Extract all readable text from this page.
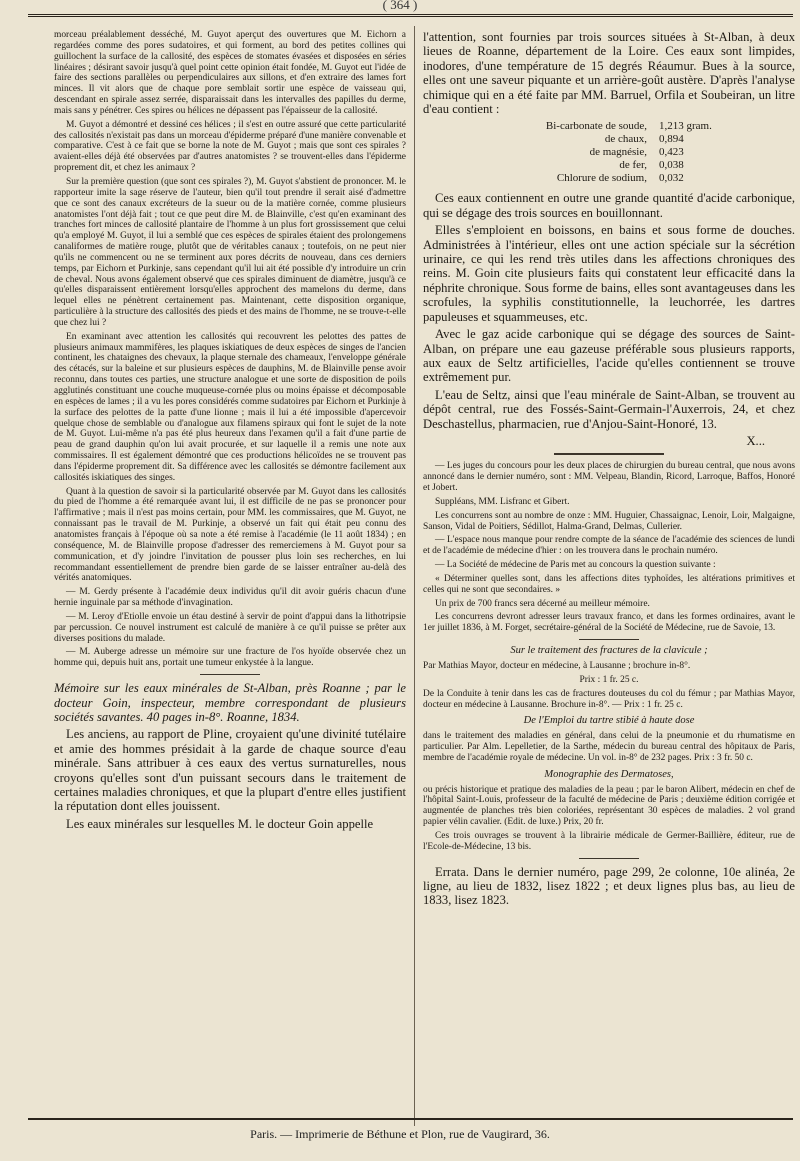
( 364 )

morceau préalablement desséché, M. Guyot aperçut des ouvertures que M. Eichorn a regardées comme des pores sudatoires, et qui forment, au bord des petites collines qui guillochent la surface de la callosité, des espèces de stomates évasées et disposées en séries linéaires ; désirant savoir jusqu'à quel point cette opinion était fondée, M. Guyot eut l'idée de faire des sections parallèles ou perpendiculaires aux sillons, et d'en extraire des lames fort minces. Il vit alors que de chaque pore semblait sortir une espèce de vaisseau qui, descendant en spirale assez serrée, disparaissait dans les intervalles des papilles du derme, mais sans y pénétrer. Ces spires ou hélices ne dépassent pas l'épaisseur de la callosité.

M. Guyot a démontré et dessiné ces hélices ; il s'est en outre assuré que cette particularité des callosités n'existait pas dans un morceau d'épiderme préparé d'une manière convenable et comparative. C'est à ce fait que se borne la note de M. Guyot ; mais que sont ces spirales ? avaient-elles déjà été observées par d'autres anatomistes ? se trouvent-elles dans l'épiderme proprement dit, et chez les animaux ?

Sur la première question (que sont ces spirales ?), M. Guyot s'abstient de prononcer. M. le rapporteur imite la sage réserve de l'auteur, bien qu'il tout prendre il serait aisé d'admettre que ce sont des canaux excréteurs de la sueur ou de la matière cornée, comme plusieurs anatomistes l'ont déjà fait ; tout ce que peut dire M. de Blainville, c'est qu'en examinant des tranches fort minces de callosité plantaire de l'homme à un plus fort grossissement que celui qu'a employé M. Guyot, il lui a semblé que ces espèces de spirales étaient des prolongemens canaliformes de matière rouge, plutôt que de véritables canaux ; toutefois, on ne peut nier qu'ils ne commencent ou ne se terminent aux pores décrits de nouveau, dans ces derniers temps, par Eichorn et Purkinje, sans cependant qu'il lui ait été possible d'y introduire un crin de cheval. Nous avons également observé que ces spirales diminuent de diamètre, jusqu'à ce qu'elles disparaissent entièrement lorsqu'elles approchent des mamelons du derme, dans lequel elles ne pénètrent certainement pas. Maintenant, cette disposition organique, particulière à la structure des callosités des pieds et des mains de l'homme, ne se trouve-t-elle que chez lui ?

En examinant avec attention les callosités qui recouvrent les pelottes des pattes de plusieurs animaux mammifères, les plaques iskiatiques de deux espèces de singes de l'ancien continent, les chataignes des chevaux, la plaque sternale des chameaux, l'enveloppe générale des cétacés, sur la baleine et sur plusieurs espèces de dauphins, M. de Blainville pense avoir reconnu, dans toutes ces parties, une structure analogue et une sorte de disposition de poils agglutinés constituant une couche muqueuse-cornée plus ou moins épaisse et décomposable en espèces de lames ; il a vu les pores considérés comme sudatoires par Eichorn et Purkinje à la surface des pelottes de la patte d'une lionne ; mais il lui a été impossible d'apercevoir quelque chose de semblable ou d'analogue aux filamens spiraux qui font le sujet de la note de M. Guyot. Lui-même n'a pas été plus heureux dans l'examen qu'il a fait d'une partie de peau de grand dauphin qu'on lui avait procurée, et sur laquelle il a remis une note aux commissaires. Il est également démontré que ces productions hélicoïdes ne se trouvent pas dans l'épiderme proprement dit. Sa différence avec les callosités se démontre facilement aux callosités iskiatiques des singes.

Quant à la question de savoir si la particularité observée par M. Guyot dans les callosités du pied de l'homme a été remarquée avant lui, il est difficile de ne pas se prononcer pour l'affirmative ; mais il n'est pas moins certain, pour MM. les commissaires, que M. Guyot, ne connaissant pas le travail de M. Purkinje, a observé un fait qui était peu connu des anatomistes français à l'époque où sa note a été remise à l'académie (le 11 août 1834) ; en conséquence, M. de Blainville propose d'adresser des remerciemens à M. Guyot pour sa communication, et d'y joindre l'invitation de pousser plus loin ses recherches, en lui recommandant essentiellement de prendre bien garde de se laisser entraîner au-delà des vérités anatomiques.

— M. Gerdy présente à l'académie deux individus qu'il dit avoir guéris chacun d'une hernie inguinale par sa méthode d'invagination.

— M. Leroy d'Etiolle envoie un étau destiné à servir de point d'appui dans la lithotripsie par percussion. Ce nouvel instrument est calculé de manière à ce qu'il puisse se prêter aux diverses positions du malade.

— M. Auberge adresse un mémoire sur une fracture de l'os hyoïde observée chez un homme qui, depuis huit ans, portait une tumeur enkystée à la langue.

Mémoire sur les eaux minérales de St-Alban, près Roanne ; par le docteur Goin, inspecteur, membre correspondant de plusieurs sociétés savantes. 40 pages in-8°. Roanne, 1834.

Les anciens, au rapport de Pline, croyaient qu'une divinité tutélaire et amie des hommes présidait à la garde de chaque source d'eau minérale. Sans attribuer à ces eaux des vertus surnaturelles, nous croyons qu'elles sont d'un puissant secours dans le traitement de certaines maladies chroniques, et que la plupart d'entre elles justifient la réputation dont elles jouissent.

Les eaux minérales sur lesquelles M. le docteur Goin appelle

l'attention, sont fournies par trois sources situées à St-Alban, à deux lieues de Roanne, département de la Loire. Ces eaux sont limpides, inodores, d'une température de 15 degrés Réaumur. Bues à la source, elles ont une saveur piquante et un arrière-goût austère. D'après l'analyse chimique qui en a été faite par MM. Barruel, Orfila et Soubeiran, un litre d'eau contient :

Bi-carbonate de soude,	1,213 gram.
de chaux,	0,894
de magnésie,	0,423
de fer,	0,038
Chlorure de sodium,	0,032

Ces eaux contiennent en outre une grande quantité d'acide carbonique, qui se dégage des trois sources en bouillonnant.

Elles s'emploient en boissons, en bains et sous forme de douches. Administrées à l'intérieur, elles ont une action spéciale sur la sécrétion urinaire, ce qui les rend très utiles dans les affections chroniques des reins. M. Goin cite plusieurs faits qui constatent leur efficacité dans la néphrite chronique. Sous forme de bains, elles sont avantageuses dans les scrofules, la syphilis constitutionnelle, la leuchorrée, les dartres papuleuses et squammeuses, etc.

Avec le gaz acide carbonique qui se dégage des sources de Saint-Alban, on prépare une eau gazeuse préférable sous plusieurs rapports, aux eaux de Seltz artificielles, l'acide qu'elles contiennent se trouve extrêmement pur.

L'eau de Seltz, ainsi que l'eau minérale de Saint-Alban, se trouvent au dépôt central, rue des Fossés-Saint-Germain-l'Auxerrois, 24, et chez Deschastellus, pharmacien, rue d'Anjou-Saint-Honoré, 13.

X...

— Les juges du concours pour les deux places de chirurgien du bureau central, que nous avons annoncé dans le dernier numéro, sont : MM. Velpeau, Blandin, Ricord, Larroque, Baffos, Honoré et Jobert.

Suppléans, MM. Lisfranc et Gibert.

Les concurrens sont au nombre de onze : MM. Huguier, Chassaignac, Lenoir, Loir, Malgaigne, Sanson, Vidal de Poitiers, Sédillot, Halma-Grand, Delmas, Cullerier.

— L'espace nous manque pour rendre compte de la séance de l'académie des sciences de lundi et de l'académie de médecine d'hier : on les trouvera dans le prochain numéro.

— La Société de médecine de Paris met au concours la question suivante :

« Déterminer quelles sont, dans les affections dites typhoïdes, les altérations primitives et celles qui ne sont que secondaires. »

Un prix de 700 francs sera décerné au meilleur mémoire.

Les concurrens devront adresser leurs travaux franco, et dans les formes ordinaires, avant le 1er juillet 1836, à M. Forget, secrétaire-général de la Société de Médecine, rue de Savoie, 13.

Sur le traitement des fractures de la clavicule ;

Par Mathias Mayor, docteur en médecine, à Lausanne ; brochure in-8°.

Prix : 1 fr. 25 c.

De la Conduite à tenir dans les cas de fractures douteuses du col du fémur ; par Mathias Mayor, docteur en médecine à Lausanne. Brochure in-8°. — Prix : 1 fr. 25 c.

De l'Emploi du tartre stibié à haute dose

dans le traitement des maladies en général, dans celui de la pneumonie et du rhumatisme en particulier. Par Alm. Lepelletier, de la Sarthe, médecin du bureau central des hôpitaux de Paris, membre de l'académie royale de médecine. Un vol. in-8° de 232 pages. Prix : 3 fr. 50 c.

Monographie des Dermatoses,

ou précis historique et pratique des maladies de la peau ; par le baron Alibert, médecin en chef de l'hôpital Saint-Louis, professeur de la faculté de médecine de Paris ; deuxième édition corrigée et augmentée de planches très bien coloriées, représentant 30 espèces de maladies. 2 vol grand papier vélin cavalier. (Edit. de luxe.) Prix, 20 fr.

Ces trois ouvrages se trouvent à la librairie médicale de Germer-Baillière, éditeur, rue de l'Ecole-de-Médecine, 13 bis.

Errata. Dans le dernier numéro, page 299, 2e colonne, 10e alinéa, 2e ligne, au lieu de 1832, lisez 1822 ; et deux lignes plus bas, au lieu de 1833, lisez 1823.

Paris. — Imprimerie de Béthune et Plon, rue de Vaugirard, 36.
